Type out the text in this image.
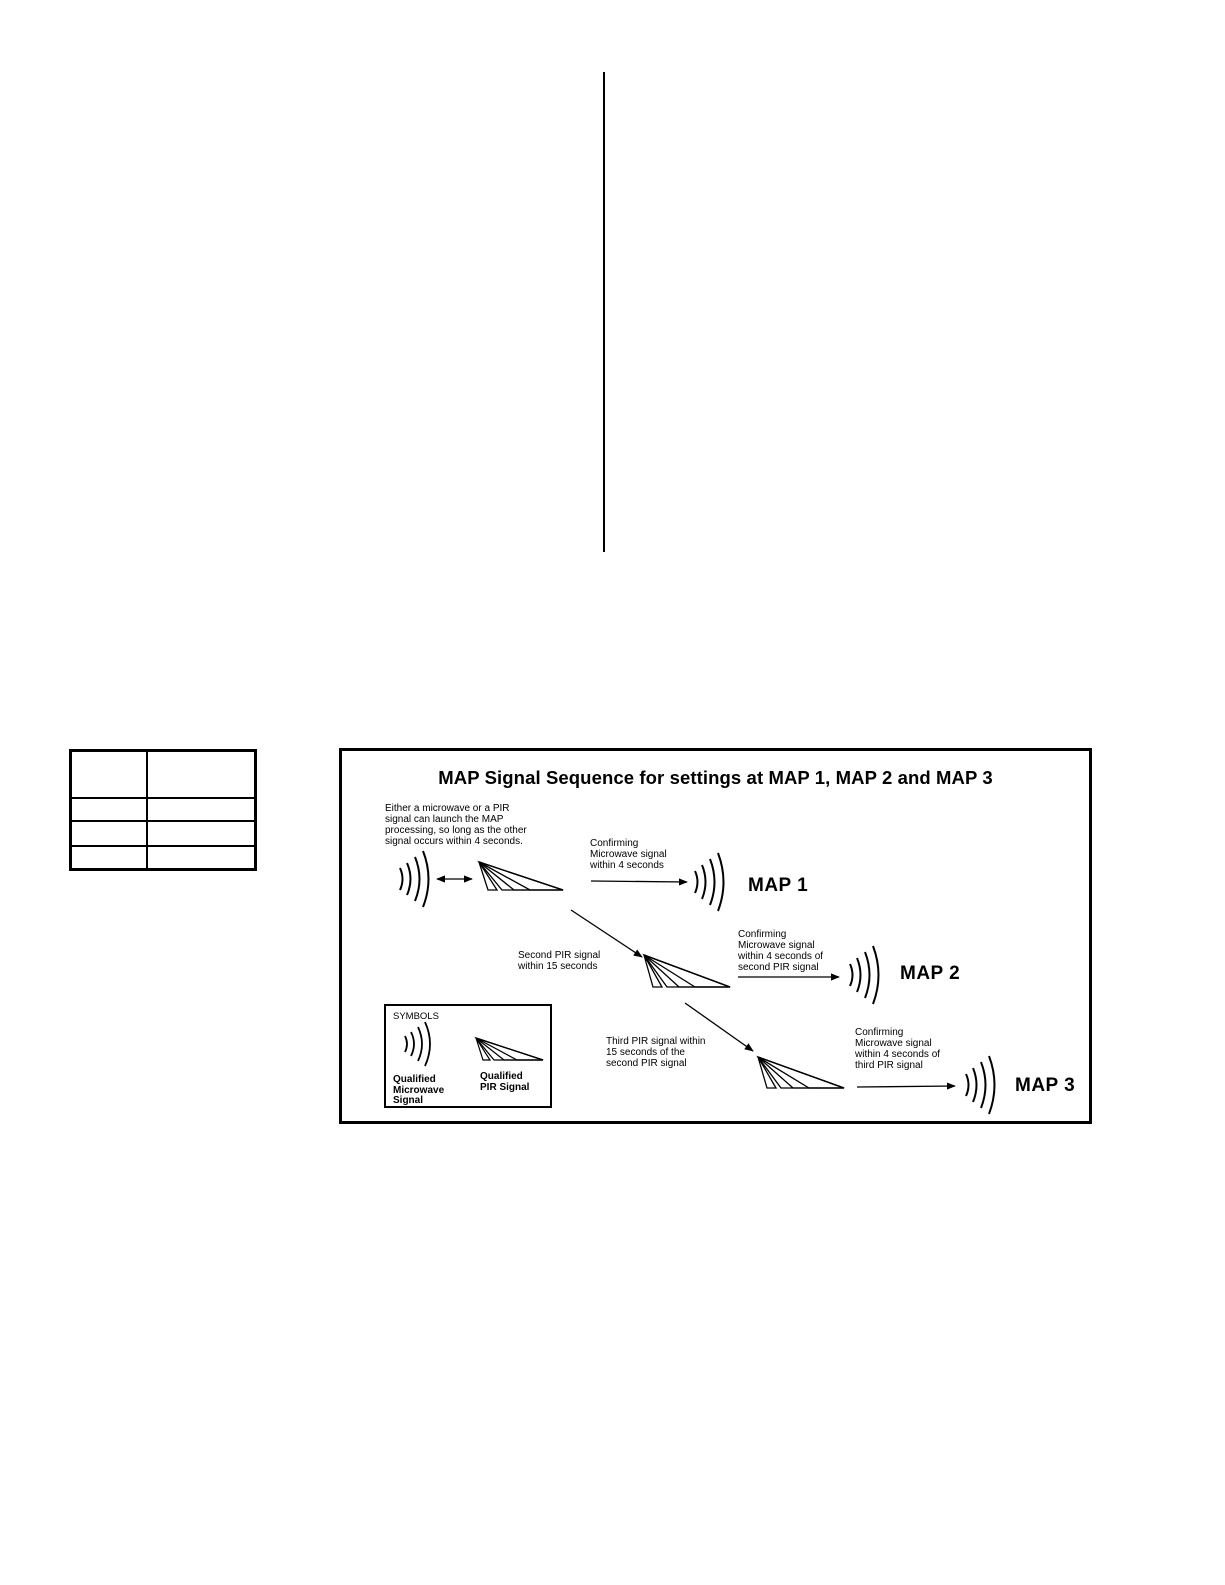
MAP Signal Sequence for settings at MAP 1, MAP 2 and MAP 3
Either a microwave or a PIR
signal can launch the MAP
processing, so long as the other
signal occurs within 4 seconds.	Confirming
Microwave signal
within 4 seconds
MAP 1
Second PIR signal
within 15 seconds
Confirming
Microwave signal
within 4 seconds of
second PIR signal	MAP 2
Third PIR signal within
15 seconds of the
second PIR signal
Confirming
Microwave signal
within 4 seconds of
third PIR signal
MAP 3
SYMBOLS
Qualified
Microwave
Signal
Qualified
PIR Signal
